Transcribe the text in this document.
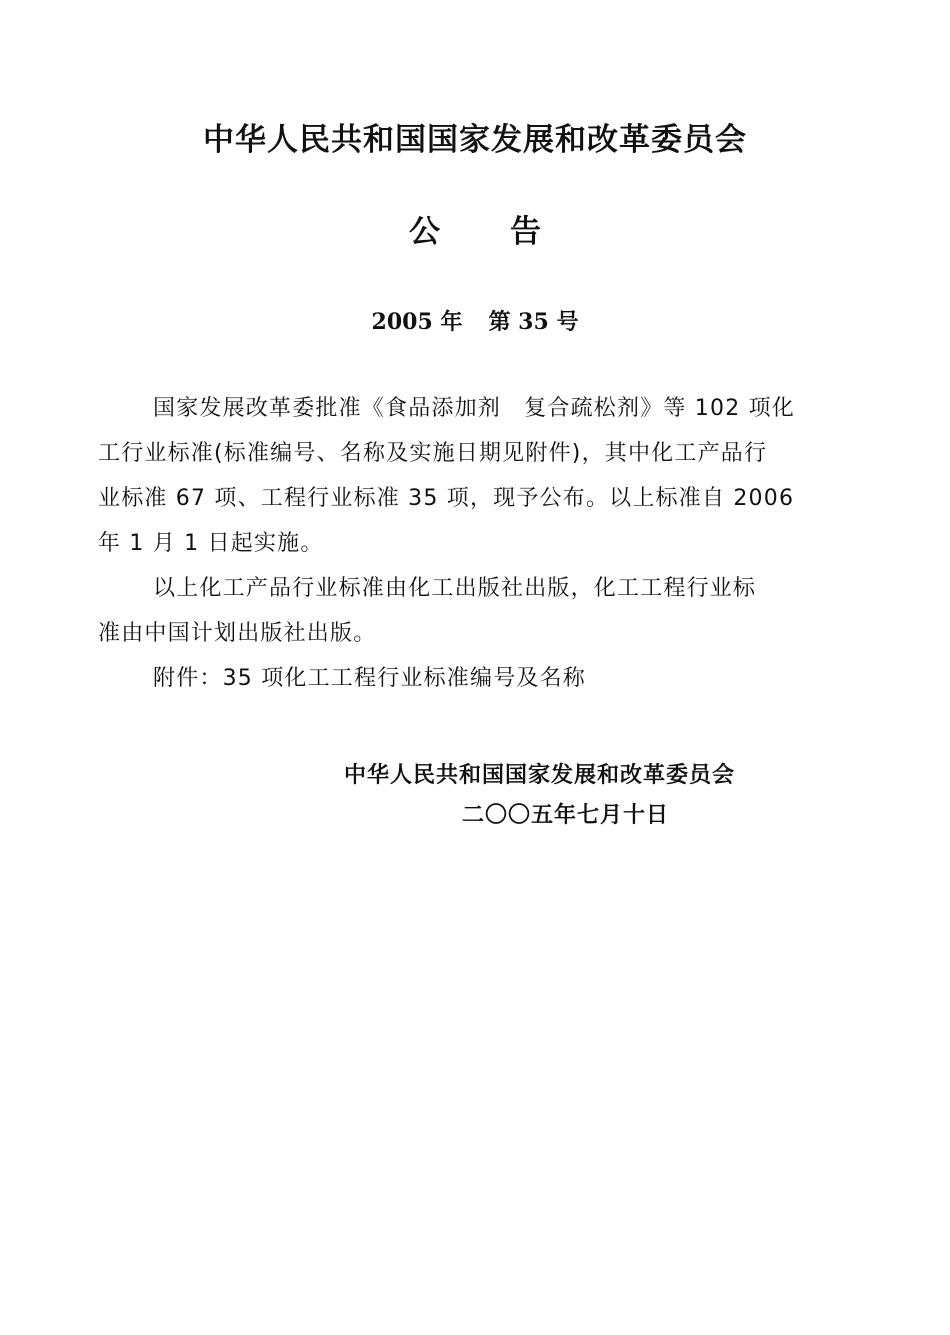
中华人民共和国国家发展和改革委员会
公 告
2005 年 第 35 号
国家发展改革委批准《食品添加剂　复合疏松剂》等 102 项化
工行业标准(标准编号、名称及实施日期见附件)，其中化工产品行
业标准 67 项、工程行业标准 35 项，现予公布。以上标准自 2006
年 1 月 1 日起实施。
以上化工产品行业标准由化工出版社出版，化工工程行业标
准由中国计划出版社出版。
附件：35 项化工工程行业标准编号及名称
中华人民共和国国家发展和改革委员会
二〇〇五年七月十日
